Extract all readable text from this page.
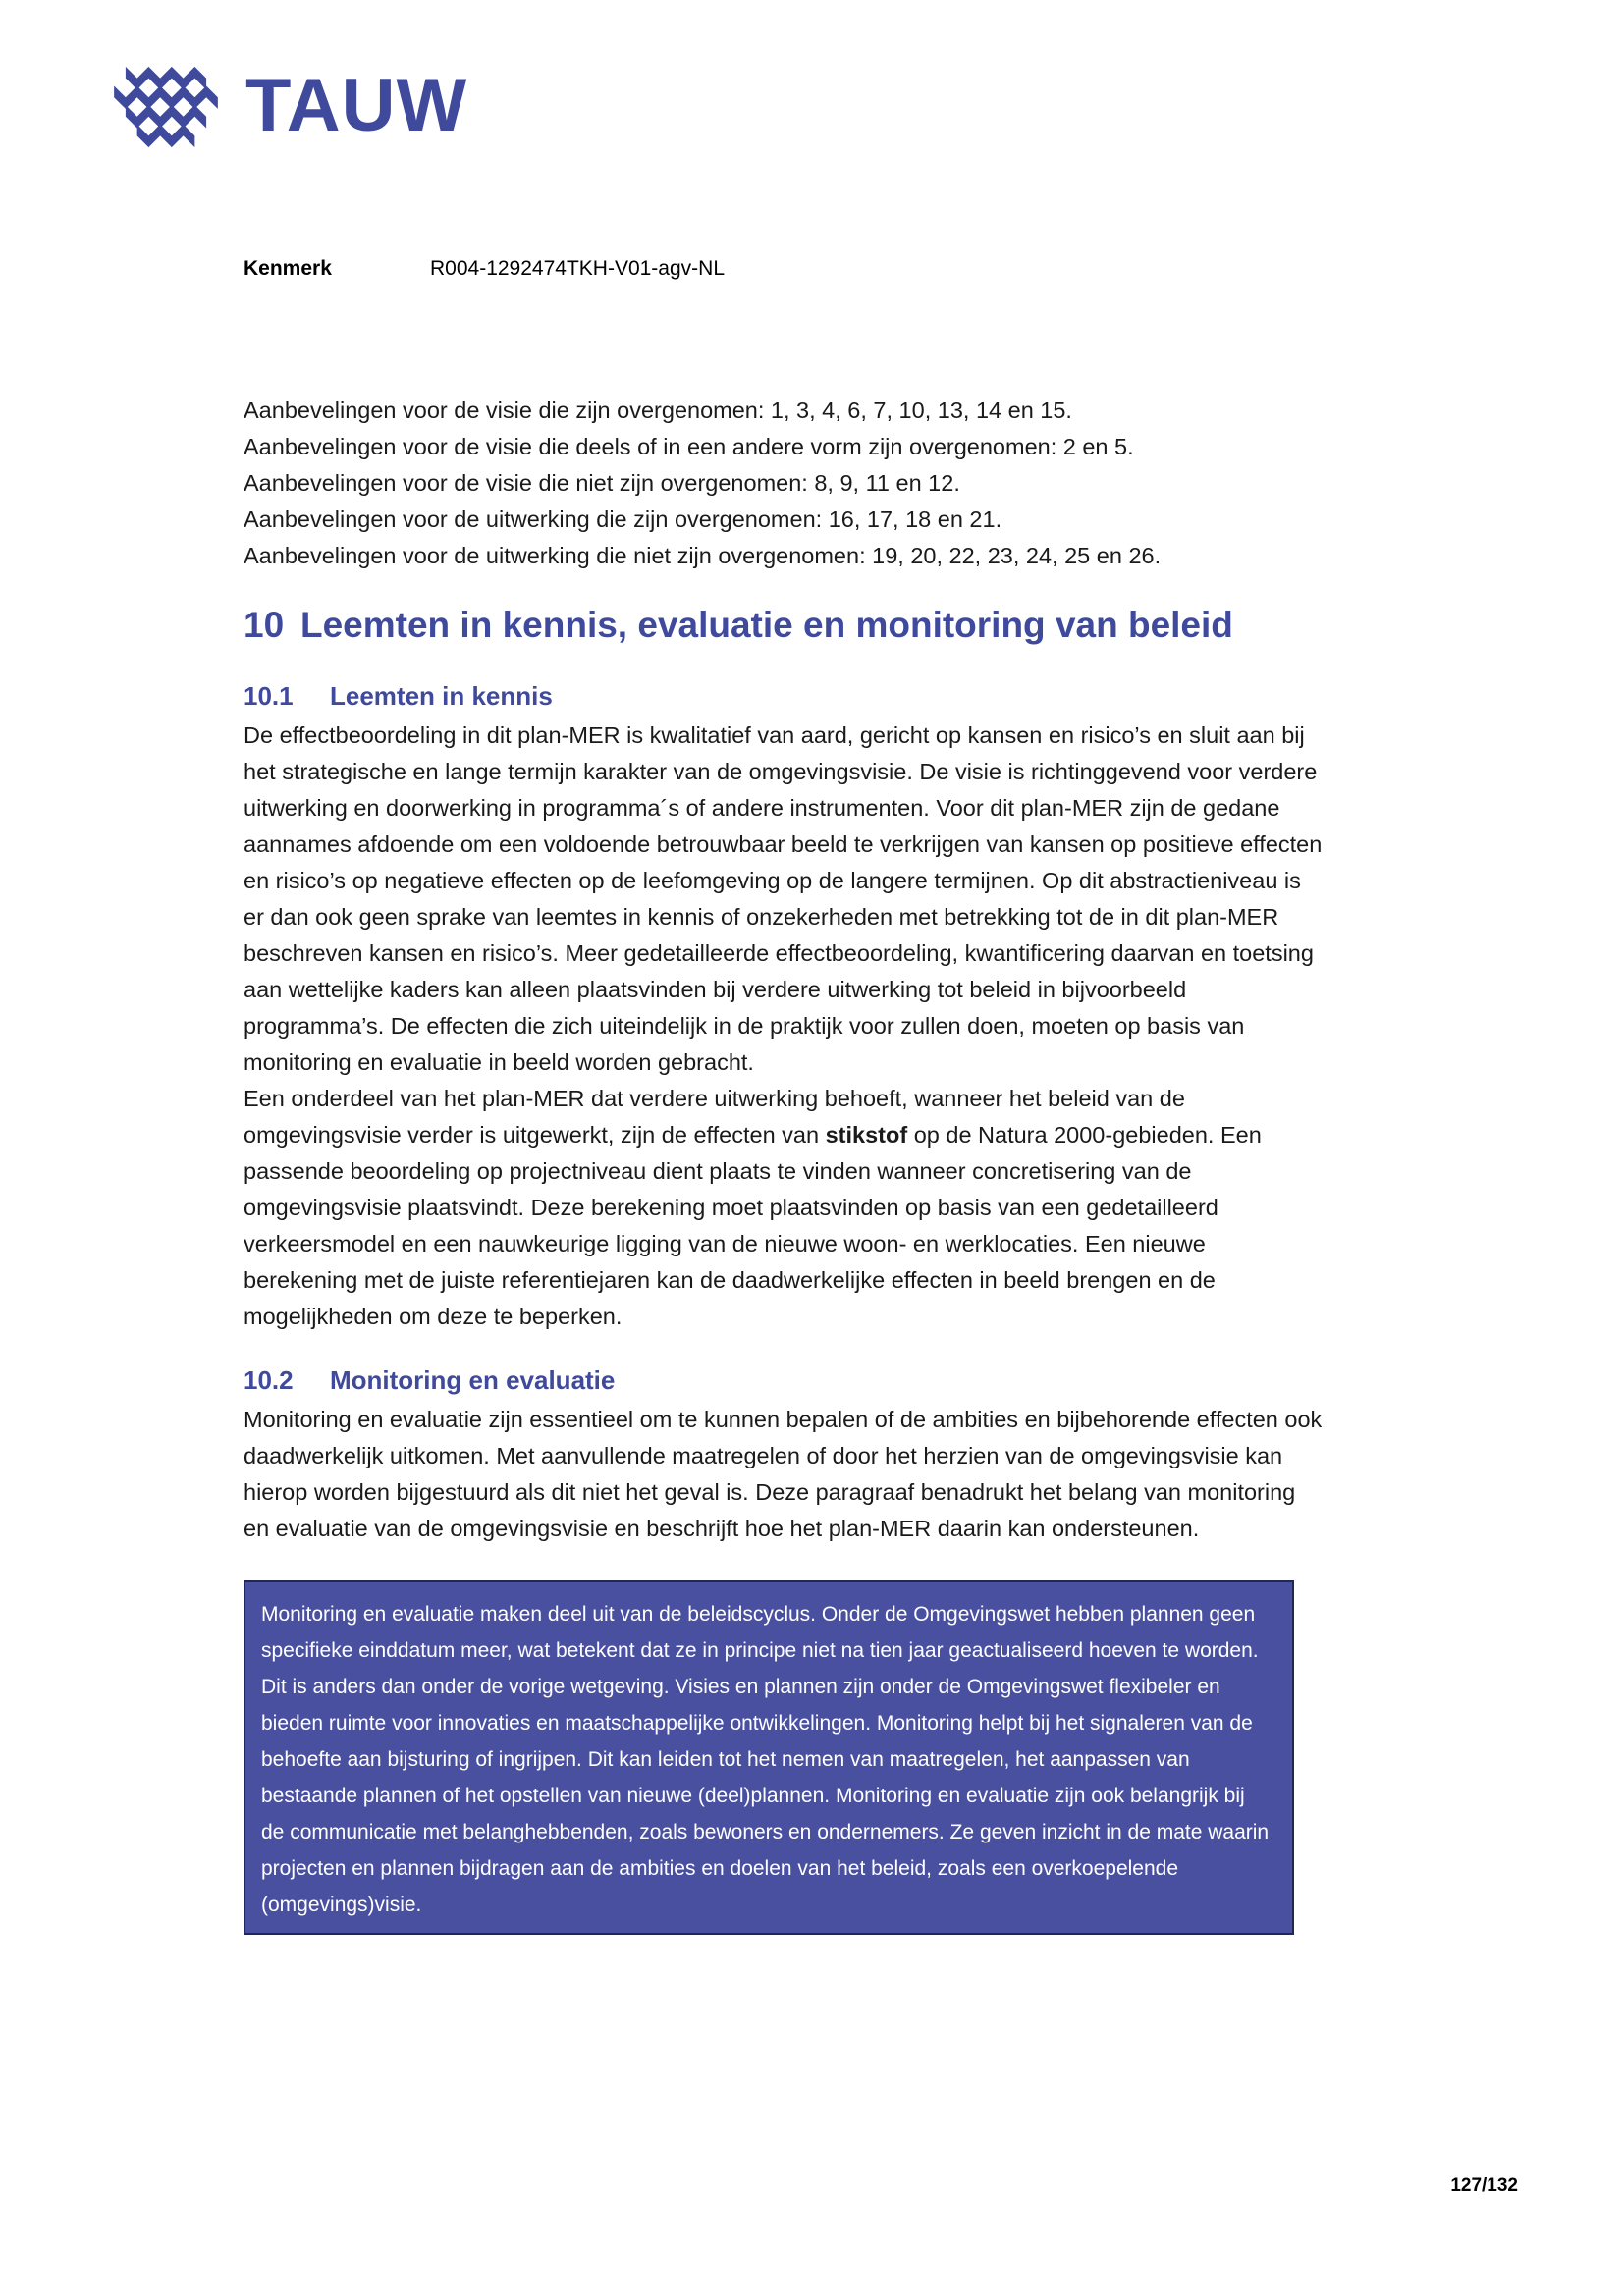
TAUW
Kenmerk	R004-1292474TKH-V01-agv-NL
Aanbevelingen voor de visie die zijn overgenomen: 1, 3, 4, 6, 7, 10, 13, 14 en 15.
Aanbevelingen voor de visie die deels of in een andere vorm zijn overgenomen: 2 en 5.
Aanbevelingen voor de visie die niet zijn overgenomen: 8, 9, 11 en 12.
Aanbevelingen voor de uitwerking die zijn overgenomen: 16, 17, 18 en 21.
Aanbevelingen voor de uitwerking die niet zijn overgenomen: 19, 20, 22, 23, 24, 25 en 26.
10 Leemten in kennis, evaluatie en monitoring van beleid
10.1	Leemten in kennis

De effectbeoordeling in dit plan-MER is kwalitatief van aard, gericht op kansen en risico’s en sluit aan bij het strategische en lange termijn karakter van de omgevingsvisie. De visie is richtinggevend voor verdere uitwerking en doorwerking in programma´s of andere instrumenten. Voor dit plan-MER zijn de gedane aannames afdoende om een voldoende betrouwbaar beeld te verkrijgen van kansen op positieve effecten en risico’s op negatieve effecten op de leefomgeving op de langere termijnen. Op dit abstractieniveau is er dan ook geen sprake van leemtes in kennis of onzekerheden met betrekking tot de in dit plan-MER beschreven kansen en risico’s. Meer gedetailleerde effectbeoordeling, kwantificering daarvan en toetsing aan wettelijke kaders kan alleen plaatsvinden bij verdere uitwerking tot beleid in bijvoorbeeld programma’s. De effecten die zich uiteindelijk in de praktijk voor zullen doen, moeten op basis van monitoring en evaluatie in beeld worden gebracht.

Een onderdeel van het plan-MER dat verdere uitwerking behoeft, wanneer het beleid van de omgevingsvisie verder is uitgewerkt, zijn de effecten van stikstof op de Natura 2000-gebieden. Een passende beoordeling op projectniveau dient plaats te vinden wanneer concretisering van de omgevingsvisie plaatsvindt. Deze berekening moet plaatsvinden op basis van een gedetailleerd verkeersmodel en een nauwkeurige ligging van de nieuwe woon- en werklocaties. Een nieuwe berekening met de juiste referentiejaren kan de daadwerkelijke effecten in beeld brengen en de mogelijkheden om deze te beperken.

10.2	Monitoring en evaluatie

Monitoring en evaluatie zijn essentieel om te kunnen bepalen of de ambities en bijbehorende effecten ook daadwerkelijk uitkomen. Met aanvullende maatregelen of door het herzien van de omgevingsvisie kan hierop worden bijgestuurd als dit niet het geval is. Deze paragraaf benadrukt het belang van monitoring en evaluatie van de omgevingsvisie en beschrijft hoe het plan-MER daarin kan ondersteunen.

Monitoring en evaluatie maken deel uit van de beleidscyclus. Onder de Omgevingswet hebben plannen geen specifieke einddatum meer, wat betekent dat ze in principe niet na tien jaar geactualiseerd hoeven te worden. Dit is anders dan onder de vorige wetgeving. Visies en plannen zijn onder de Omgevingswet flexibeler en bieden ruimte voor innovaties en maatschappelijke ontwikkelingen. Monitoring helpt bij het signaleren van de behoefte aan bijsturing of ingrijpen. Dit kan leiden tot het nemen van maatregelen, het aanpassen van bestaande plannen of het opstellen van nieuwe (deel)plannen. Monitoring en evaluatie zijn ook belangrijk bij de communicatie met belanghebbenden, zoals bewoners en ondernemers. Ze geven inzicht in de mate waarin projecten en plannen bijdragen aan de ambities en doelen van het beleid, zoals een overkoepelende (omgevings)visie.
127/132
